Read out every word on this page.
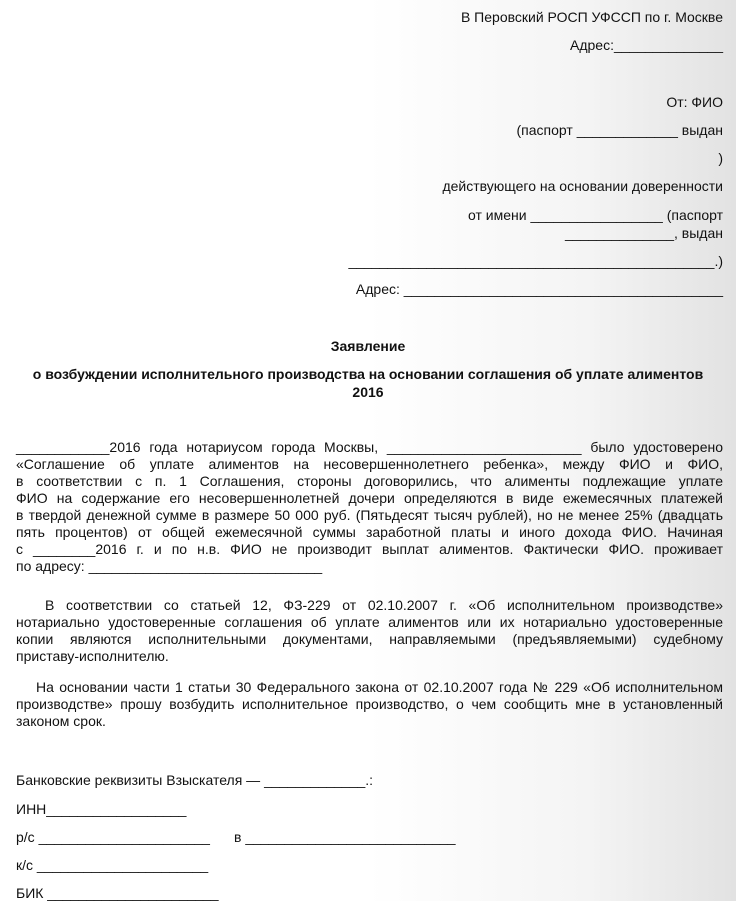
В Перовский РОСП УФССП по г. Москве
Адрес:______________
От: ФИО
(паспорт _____________ выдан
)
действующего на основании доверенности
от имени _________________ (паспорт
______________, выдан
_______________________________________________.)
Адрес: _________________________________________
Заявление
о возбуждении исполнительного производства на основании соглашения об уплате алиментов
2016
____________2016 года нотариусом города Москвы, _________________________ было удостоверено
«Соглашение об уплате алиментов на несовершеннолетнего ребенка», между ФИО и ФИО,
в соответствии с п. 1 Соглашения, стороны договорились, что алименты подлежащие уплате
ФИО на содержание его несовершеннолетней дочери определяются в виде ежемесячных платежей
в твердой денежной сумме в размере 50 000 руб. (Пятьдесят тысяч рублей), но не менее 25% (двадцать
пять процентов) от общей ежемесячной суммы заработной платы и иного дохода ФИО. Начиная
с ________2016 г. и по н.в. ФИО не производит выплат алиментов. Фактически ФИО. проживает
по адресу: ______________________________
В соответствии со статьей 12, ФЗ-229 от 02.10.2007 г. «Об исполнительном производстве»
нотариально удостоверенные соглашения об уплате алиментов или их нотариально удостоверенные
копии являются исполнительными документами, направляемыми (предъявляемыми) судебному
приставу-исполнителю.
На основании части 1 статьи 30 Федерального закона от 02.10.2007 года № 229 «Об исполнительном
производстве» прошу возбудить исполнительное производство, о чем сообщить мне в установленный
законом срок.
Банковские реквизиты Взыскателя — _____________.:
ИНН__________________
р/с ______________________ в ___________________________
к/с ______________________
БИК ______________________
